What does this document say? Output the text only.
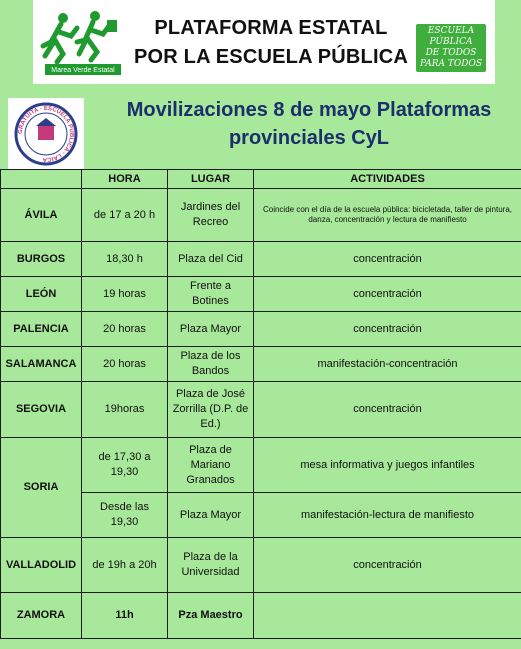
Marea Verde Estatal
PLATAFORMA ESTATAL
POR LA ESCUELA PÚBLICA
ESCUELA PÚBLICA
DE TODOS
PARA TODOS
GRATUITA · ESCUELA PÚBLICA · LAICA
Movilizaciones 8 de mayo Plataformas
provinciales CyL
	HORA	LUGAR	ACTIVIDADES
ÁVILA	de 17 a 20 h	Jardines del Recreo	Coincide con el día de la escuela pública: bicicletada, taller de pintura, danza, concentración y lectura de manifiesto
BURGOS	18,30 h	Plaza del Cid	concentración
LEÓN	19 horas	Frente a Botines	concentración
PALENCIA	20 horas	Plaza Mayor	concentración
SALAMANCA	20 horas	Plaza de los Bandos	manifestación-concentración
SEGOVIA	19horas	Plaza de José Zorrilla (D.P. de Ed.)	concentración
SORIA	de 17,30 a 19,30	Plaza de Mariano Granados	mesa informativa y juegos infantiles
	Desde las 19,30	Plaza Mayor	manifestación-lectura de manifiesto
VALLADOLID	de 19h a 20h	Plaza de la Universidad	concentración
ZAMORA	11h	Pza Maestro	
